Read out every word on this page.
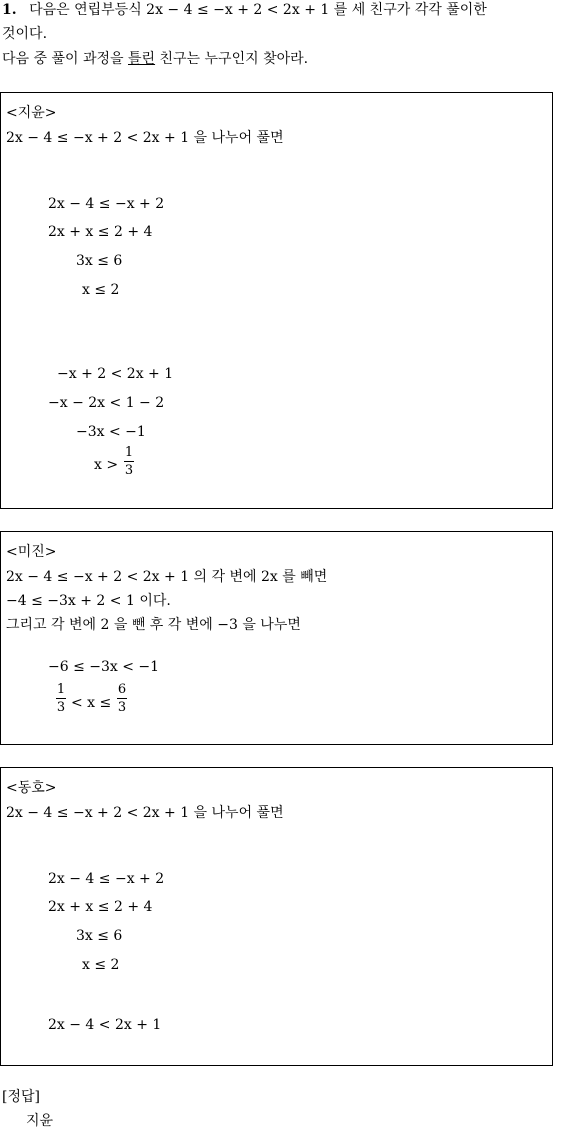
1. 다음은 연립부등식 2x − 4 ≤ −x + 2 < 2x + 1 를 세 친구가 각각 풀이한
것이다.
다음 중 풀이 과정을 틀린 친구는 누구인지 찾아라.
<지윤>
2x − 4 ≤ −x + 2 < 2x + 1 을 나누어 풀면
2x − 4 ≤ −x + 2
2x + x ≤ 2 + 4
3x ≤ 6
x ≤ 2
−x + 2 < 2x + 1
−x − 2x < 1 − 2
−3x < −1
x >
1
3
<미진>
2x − 4 ≤ −x + 2 < 2x + 1 의 각 변에 2x 를 빼면
−4 ≤ −3x + 2 < 1 이다.
그리고 각 변에 2 을 뺀 후 각 변에 −3 을 나누면
−6 ≤ −3x < −1
1
3 < x ≤
6
3
<동호>
2x − 4 ≤ −x + 2 < 2x + 1 을 나누어 풀면
2x − 4 ≤ −x + 2
2x + x ≤ 2 + 4
3x ≤ 6
x ≤ 2
2x − 4 < 2x + 1
[정답]
지윤
